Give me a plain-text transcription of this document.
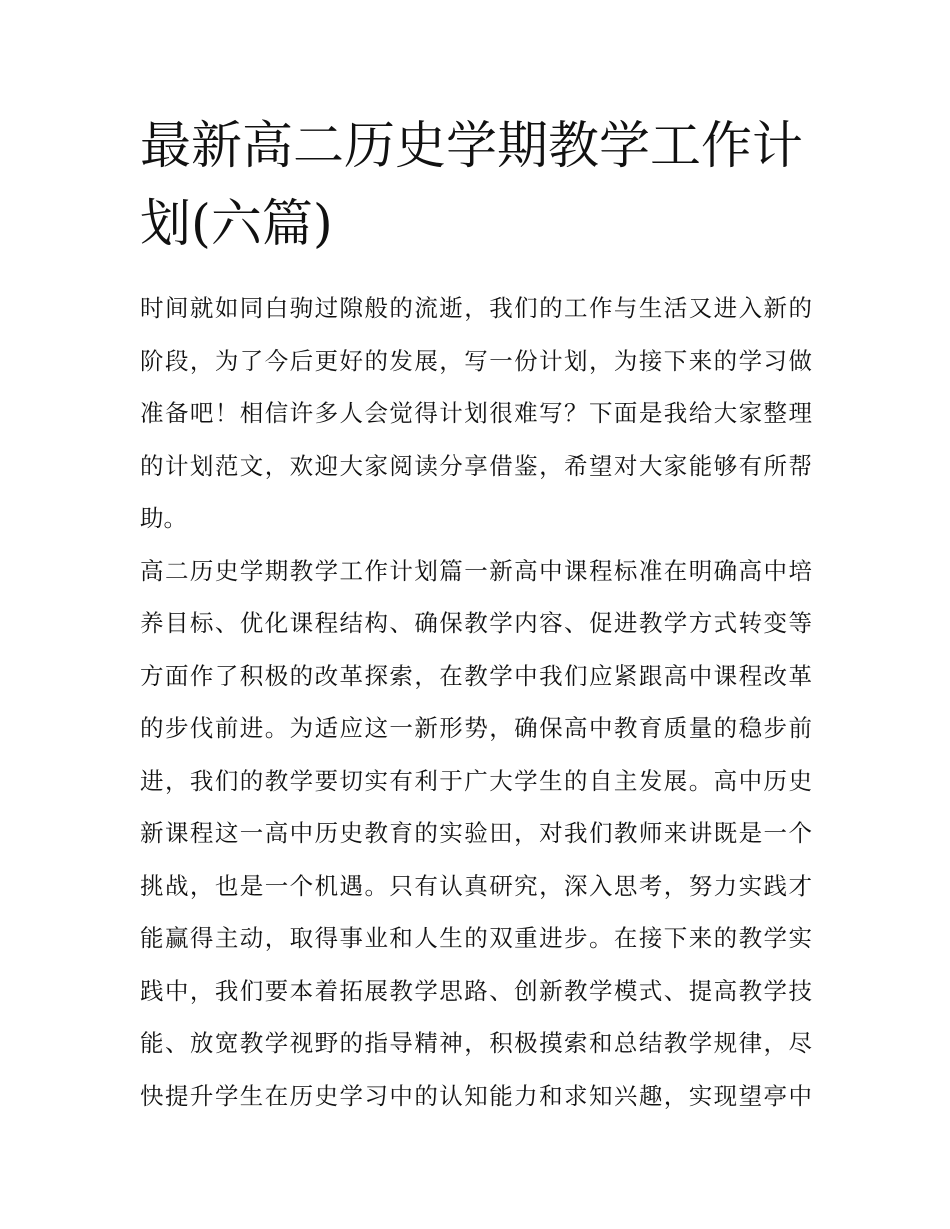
最新高二历史学期教学工作计
划(六篇)

时间就如同白驹过隙般的流逝，我们的工作与生活又进入新的
阶段，为了今后更好的发展，写一份计划，为接下来的学习做
准备吧！相信许多人会觉得计划很难写？下面是我给大家整理
的计划范文，欢迎大家阅读分享借鉴，希望对大家能够有所帮
助。

高二历史学期教学工作计划篇一新高中课程标准在明确高中培
养目标、优化课程结构、确保教学内容、促进教学方式转变等
方面作了积极的改革探索，在教学中我们应紧跟高中课程改革
的步伐前进。为适应这一新形势，确保高中教育质量的稳步前
进，我们的教学要切实有利于广大学生的自主发展。高中历史
新课程这一高中历史教育的实验田，对我们教师来讲既是一个
挑战，也是一个机遇。只有认真研究，深入思考，努力实践才
能赢得主动，取得事业和人生的双重进步。在接下来的教学实
践中，我们要本着拓展教学思路、创新教学模式、提高教学技
能、放宽教学视野的指导精神，积极摸索和总结教学规律，尽
快提升学生在历史学习中的认知能力和求知兴趣，实现望亭中
